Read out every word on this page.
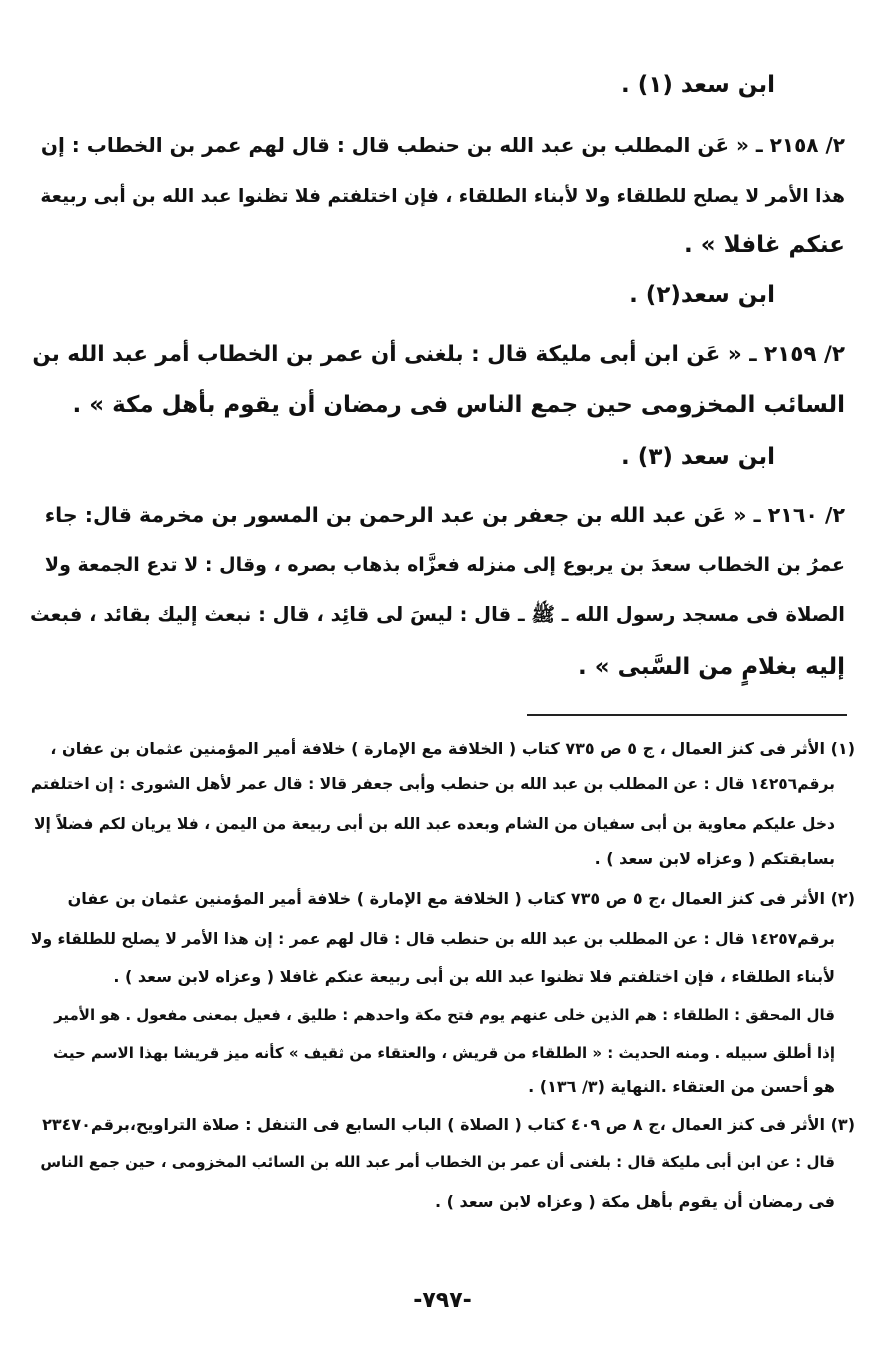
ابن سعد (١) .
٢/ ٢١٥٨ ـ « عَن المطلب بن عبد الله بن حنطب قال : قال لهم عمر بن الخطاب : إن
هذا الأمر لا يصلح للطلقاء ولا لأبناء الطلقاء ، فإن اختلفتم فلا تظنوا عبد الله بن أبى ربيعة
عنكم غافلا » .
ابن سعد(٢) .
٢/ ٢١٥٩ ـ « عَن ابن أبى مليكة قال : بلغنى أن عمر بن الخطاب أمر عبد الله بن
السائب المخزومى حين جمع الناس فى رمضان أن يقوم بأهل مكة » .
ابن سعد (٣) .
٢/ ٢١٦٠ ـ « عَن عبد الله بن جعفر بن عبد الرحمن بن المسور بن مخرمة قال: جاء
عمرُ بن الخطاب سعدَ بن يربوع إلى منزله فعزَّاه بذهاب بصره ، وقال : لا تدع الجمعة ولا
الصلاة فى مسجد رسول الله ـ ﷺ ـ قال : ليسَ لى قائِد ، قال : نبعث إليك بقائد ، فبعث
إليه بغلامٍ من السَّبى » .
(١) الأثر فى كنز العمال ، ج ٥ ص ٧٣٥ كتاب ( الخلافة مع الإمارة ) خلافة أمير المؤمنين عثمان بن عفان ،
برقم١٤٢٥٦ قال : عن المطلب بن عبد الله بن حنطب وأبى جعفر قالا : قال عمر لأهل الشورى : إن اختلفتم
دخل عليكم معاوية بن أبى سفيان من الشام وبعده عبد الله بن أبى ربيعة من اليمن ، فلا يريان لكم فضلاً إلا
بسابقتكم ( وعزاه لابن سعد ) .
(٢) الأثر فى كنز العمال ،ج ٥ ص ٧٣٥ كتاب ( الخلافة مع الإمارة ) خلافة أمير المؤمنين عثمان بن عفان
برقم١٤٢٥٧ قال : عن المطلب بن عبد الله بن حنطب قال : قال لهم عمر : إن هذا الأمر لا يصلح للطلقاء ولا
لأبناء الطلقاء ، فإن اختلفتم فلا تظنوا عبد الله بن أبى ربيعة عنكم غافلا ( وعزاه لابن سعد ) .
قال المحقق : الطلقاء : هم الذين خلى عنهم يوم فتح مكة واحدهم : طليق ، فعيل بمعنى مفعول . هو الأمير
إذا أطلق سبيله . ومنه الحديث : « الطلقاء من قريش ، والعتقاء من ثقيف » كأنه ميز قريشا بهذا الاسم حيث
هو أحسن من العتقاء .النهاية (٣/ ١٣٦) .
(٣) الأثر فى كنز العمال ،ج ٨ ص ٤٠٩ كتاب ( الصلاة ) الباب السابع فى التنفل : صلاة التراويح،برقم٢٣٤٧٠
قال : عن ابن أبى مليكة قال : بلغنى أن عمر بن الخطاب أمر عبد الله بن السائب المخزومى ، حين جمع الناس
فى رمضان أن يقوم بأهل مكة ( وعزاه لابن سعد ) .
-٧٩٧-
